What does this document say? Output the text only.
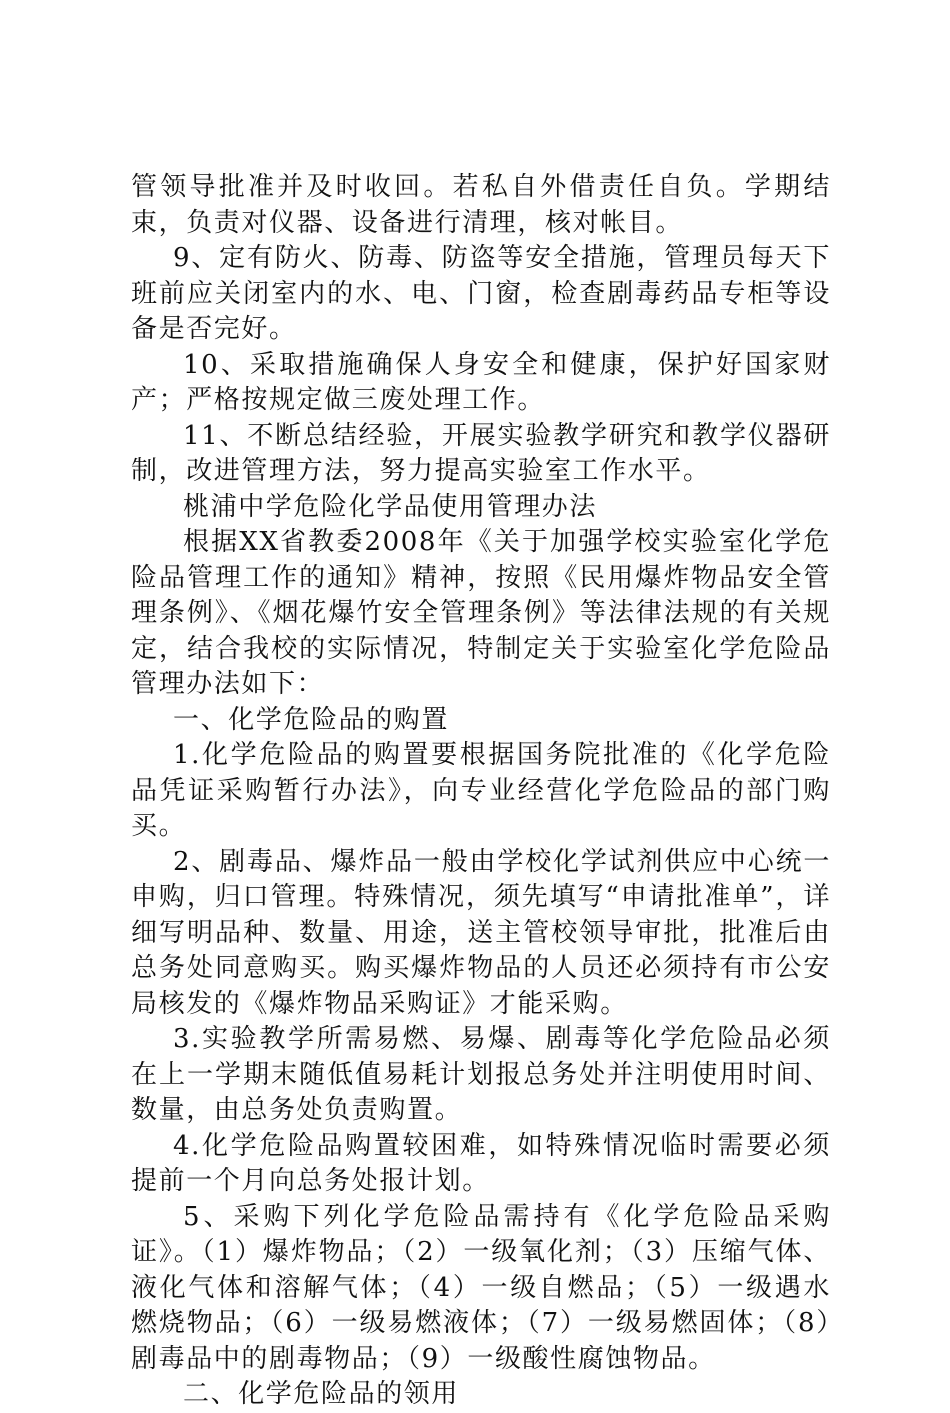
管领导批准并及时收回。若私自外借责任自负。学期结束，负责对仪器、设备进行清理，核对帐目。

9、定有防火、防毒、防盗等安全措施，管理员每天下班前应关闭室内的水、电、门窗，检查剧毒药品专柜等设备是否完好。

10、采取措施确保人身安全和健康，保护好国家财产；严格按规定做三废处理工作。

11、不断总结经验，开展实验教学研究和教学仪器研制，改进管理方法，努力提高实验室工作水平。

桃浦中学危险化学品使用管理办法

根据XX省教委2008年《关于加强学校实验室化学危险品管理工作的通知》精神，按照《民用爆炸物品安全管理条例》、《烟花爆竹安全管理条例》等法律法规的有关规定，结合我校的实际情况，特制定关于实验室化学危险品管理办法如下：

一、化学危险品的购置

1.化学危险品的购置要根据国务院批准的《化学危险品凭证采购暂行办法》，向专业经营化学危险品的部门购买。

2、剧毒品、爆炸品一般由学校化学试剂供应中心统一申购，归口管理。特殊情况，须先填写“申请批准单”，详细写明品种、数量、用途，送主管校领导审批，批准后由总务处同意购买。购买爆炸物品的人员还必须持有市公安局核发的《爆炸物品采购证》才能采购。

3.实验教学所需易燃、易爆、剧毒等化学危险品必须在上一学期末随低值易耗计划报总务处并注明使用时间、数量，由总务处负责购置。

4.化学危险品购置较困难，如特殊情况临时需要必须提前一个月向总务处报计划。

5、采购下列化学危险品需持有《化学危险品采购证》。（1）爆炸物品；（2）一级氧化剂；（3）压缩气体、液化气体和溶解气体；（4）一级自燃品；（5）一级遇水燃烧物品；（6）一级易燃液体；（7）一级易燃固体；（8）剧毒品中的剧毒物品；（9）一级酸性腐蚀物品。

二、化学危险品的领用
